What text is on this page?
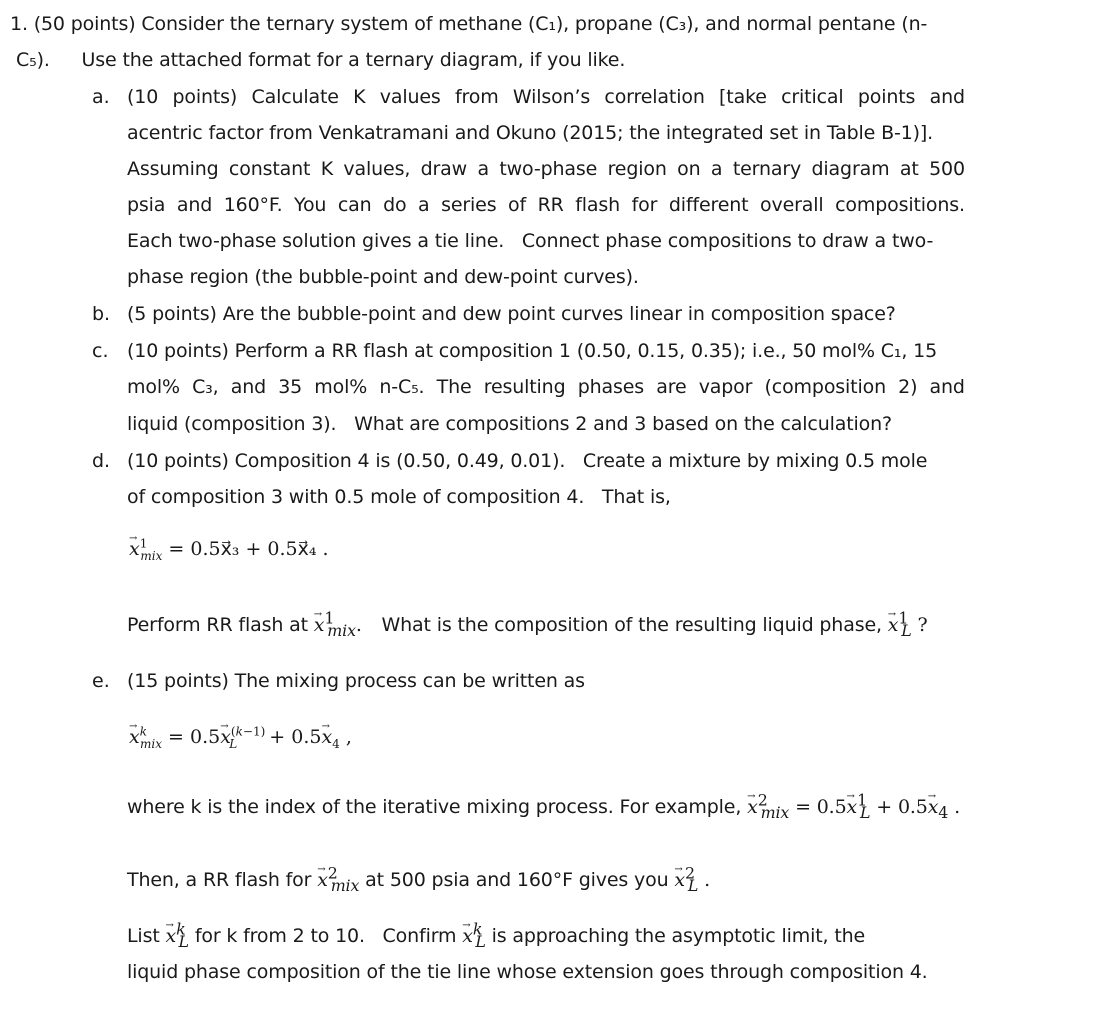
1. (50 points) Consider the ternary system of methane (C₁), propane (C₃), and normal pentane (n-
C₅). Use the attached format for a ternary diagram, if you like.
a. (10 points) Calculate K values from Wilson’s correlation [take critical points and
acentric factor from Venkatramani and Okuno (2015; the integrated set in Table B-1)].
Assuming constant K values, draw a two-phase region on a ternary diagram at 500
psia and 160°F. You can do a series of RR flash for different overall compositions.
Each two-phase solution gives a tie line.   Connect phase compositions to draw a two-
phase region (the bubble-point and dew-point curves).
b. (5 points) Are the bubble-point and dew point curves linear in composition space?
c. (10 points) Perform a RR flash at composition 1 (0.50, 0.15, 0.35); i.e., 50 mol% C₁, 15
mol% C₃, and 35 mol% n-C₅. The resulting phases are vapor (composition 2) and
liquid (composition 3).   What are compositions 2 and 3 based on the calculation?
d. (10 points) Composition 4 is (0.50, 0.49, 0.01).   Create a mixture by mixing 0.5 mole
of composition 3 with 0.5 mole of composition 4.   That is,
→ $x^1_{mix}$ = 0.5x⃗₃ + 0.5x⃗₄ .
Perform RR flash at → $x^1_{mix}$. What is the composition of the resulting liquid phase, → $x^1_L$ ?
e. (15 points) The mixing process can be written as
→ $x^k_{mix} = 0.5\to x^{(k-1)}_L + 0.5\to x_4$ ,
where k is the index of the iterative mixing process. For example, → $x^2_{mix} = 0.5\to x^1_L + 0.5\to x_4$ .
Then, a RR flash for → $x^2_{mix}$ at 500 psia and 160°F gives you → $x^2_L$ .
List → $x^k_L$ for k from 2 to 10.   Confirm → $x^k_L$ is approaching the asymptotic limit, the
liquid phase composition of the tie line whose extension goes through composition 4.
